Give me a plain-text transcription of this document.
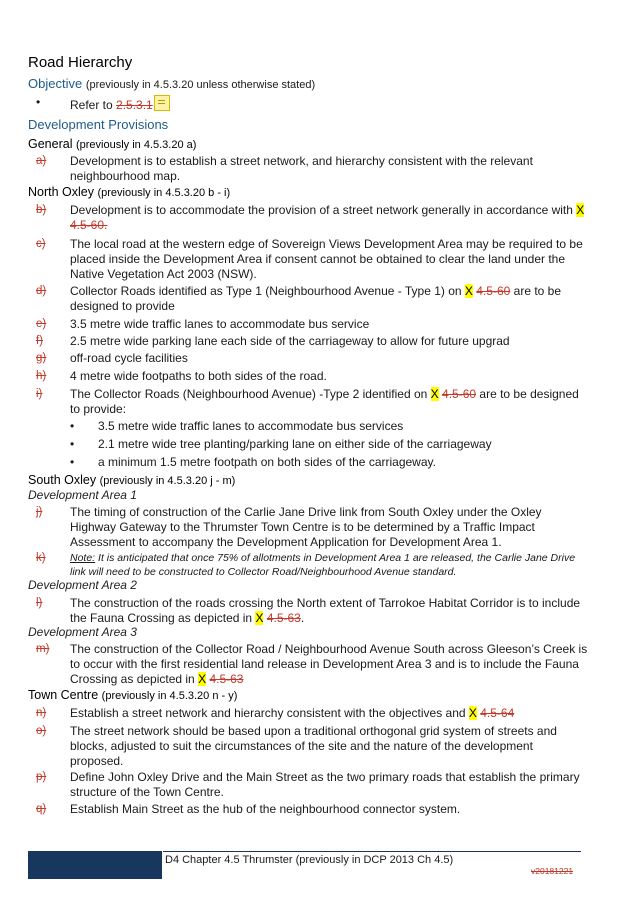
Road Hierarchy
Objective (previously in 4.5.3.20 unless otherwise stated)
• Refer to 2.5.3.1
Development Provisions
General (previously in 4.5.3.20 a)
a) Development is to establish a street network, and hierarchy consistent with the relevant neighbourhood map.
North Oxley (previously in 4.5.3.20 b - i)
b) Development is to accommodate the provision of a street network generally in accordance with X
4.5-60.
c) The local road at the western edge of Sovereign Views Development Area may be required to be placed inside the Development Area if consent cannot be obtained to clear the land under the Native Vegetation Act 2003 (NSW).
d) Collector Roads identified as Type 1 (Neighbourhood Avenue - Type 1) on X 4.5-60 are to be designed to provide
e) 3.5 metre wide traffic lanes to accommodate bus service
f) 2.5 metre wide parking lane each side of the carriageway to allow for future upgrad
g) off-road cycle facilities
h) 4 metre wide footpaths to both sides of the road.
i) The Collector Roads (Neighbourhood Avenue) -Type 2 identified on X 4.5-60 are to be designed to provide:
• 3.5 metre wide traffic lanes to accommodate bus services
• 2.1 metre wide tree planting/parking lane on either side of the carriageway
• a minimum 1.5 metre footpath on both sides of the carriageway.
South Oxley (previously in 4.5.3.20 j - m)
Development Area 1
j) The timing of construction of the Carlie Jane Drive link from South Oxley under the Oxley Highway Gateway to the Thrumster Town Centre is to be determined by a Traffic Impact Assessment to accompany the Development Application for Development Area 1.
k) Note: It is anticipated that once 75% of allotments in Development Area 1 are released, the Carlie Jane Drive link will need to be constructed to Collector Road/Neighbourhood Avenue standard.
Development Area 2
l) The construction of the roads crossing the North extent of Tarrokoe Habitat Corridor is to include the Fauna Crossing as depicted in X 4.5-63.
Development Area 3
m) The construction of the Collector Road / Neighbourhood Avenue South across Gleeson’s Creek is to occur with the first residential land release in Development Area 3 and is to include the Fauna Crossing as depicted in X 4.5-63
Town Centre (previously in 4.5.3.20 n - y)
n) Establish a street network and hierarchy consistent with the objectives and X 4.5-64
o) The street network should be based upon a traditional orthogonal grid system of streets and blocks, adjusted to suit the circumstances of the site and the nature of the development proposed.
p) Define John Oxley Drive and the Main Street as the two primary roads that establish the primary structure of the Town Centre.
q) Establish Main Street as the hub of the neighbourhood connector system.
D4 Chapter 4.5 Thrumster (previously in DCP 2013 Ch 4.5)
v20181221
